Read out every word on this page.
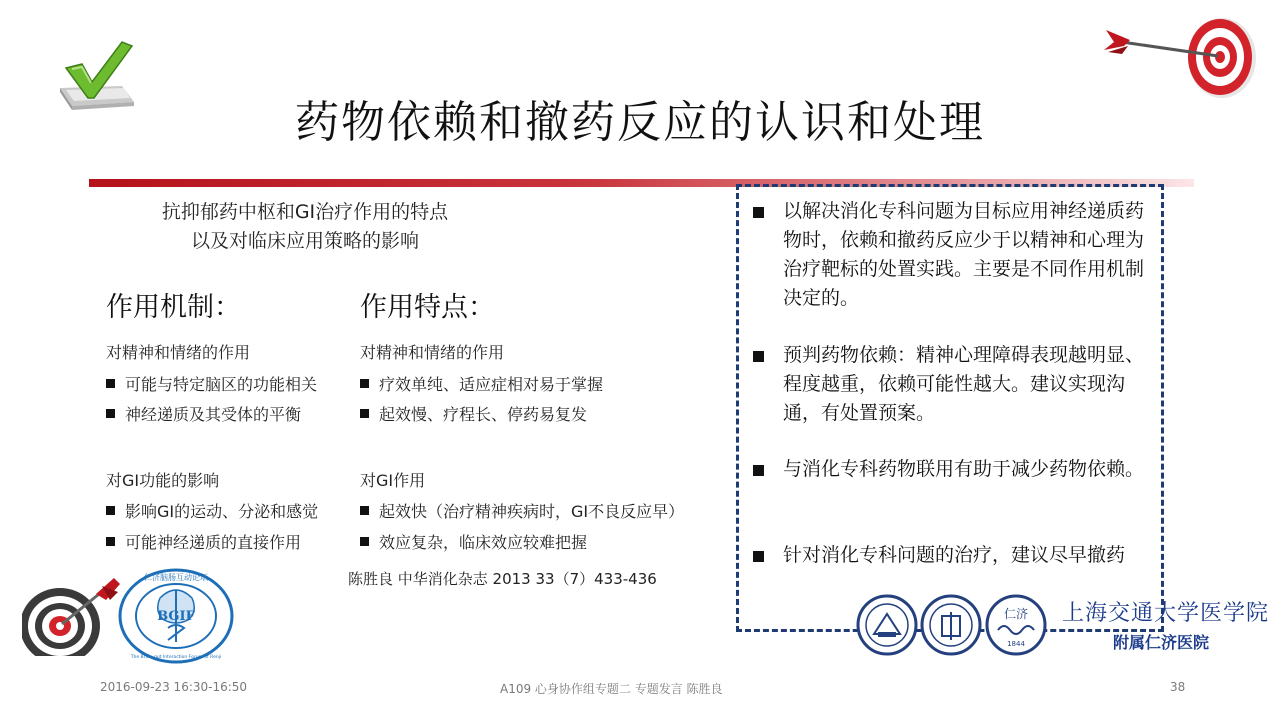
药物依赖和撤药反应的认识和处理
抗抑郁药中枢和GI治疗作用的特点
以及对临床应用策略的影响
作用机制：	作用特点：
对精神和情绪的作用
可能与特定脑区的功能相关
神经递质及其受体的平衡
对GI功能的影响
影响GI的运动、分泌和感觉
可能神经递质的直接作用
对精神和情绪的作用
疗效单纯、适应症相对易于掌握
起效慢、疗程长、停药易复发
对GI作用
起效快（治疗精神疾病时，GI不良反应早）
效应复杂，临床效应较难把握
陈胜良 中华消化杂志 2013 33（7）433-436
以解决消化专科问题为目标应用神经递质药物时，依赖和撤药反应少于以精神和心理为治疗靶标的处置实践。主要是不同作用机制决定的。
预判药物依赖：精神心理障碍表现越明显、程度越重，依赖可能性越大。建议实现沟通，有处置预案。
与消化专科药物联用有助于减少药物依赖。
针对消化专科问题的治疗，建议尽早撤药
BGIF
仁济脑肠互动论坛
The Brain-gut Interaction Forum of Renji
仁济
1844
上海交通大学医学院
附属仁济医院
2016-09-23 16:30-16:50	A109 心身协作组专题二 专题发言 陈胜良	38
